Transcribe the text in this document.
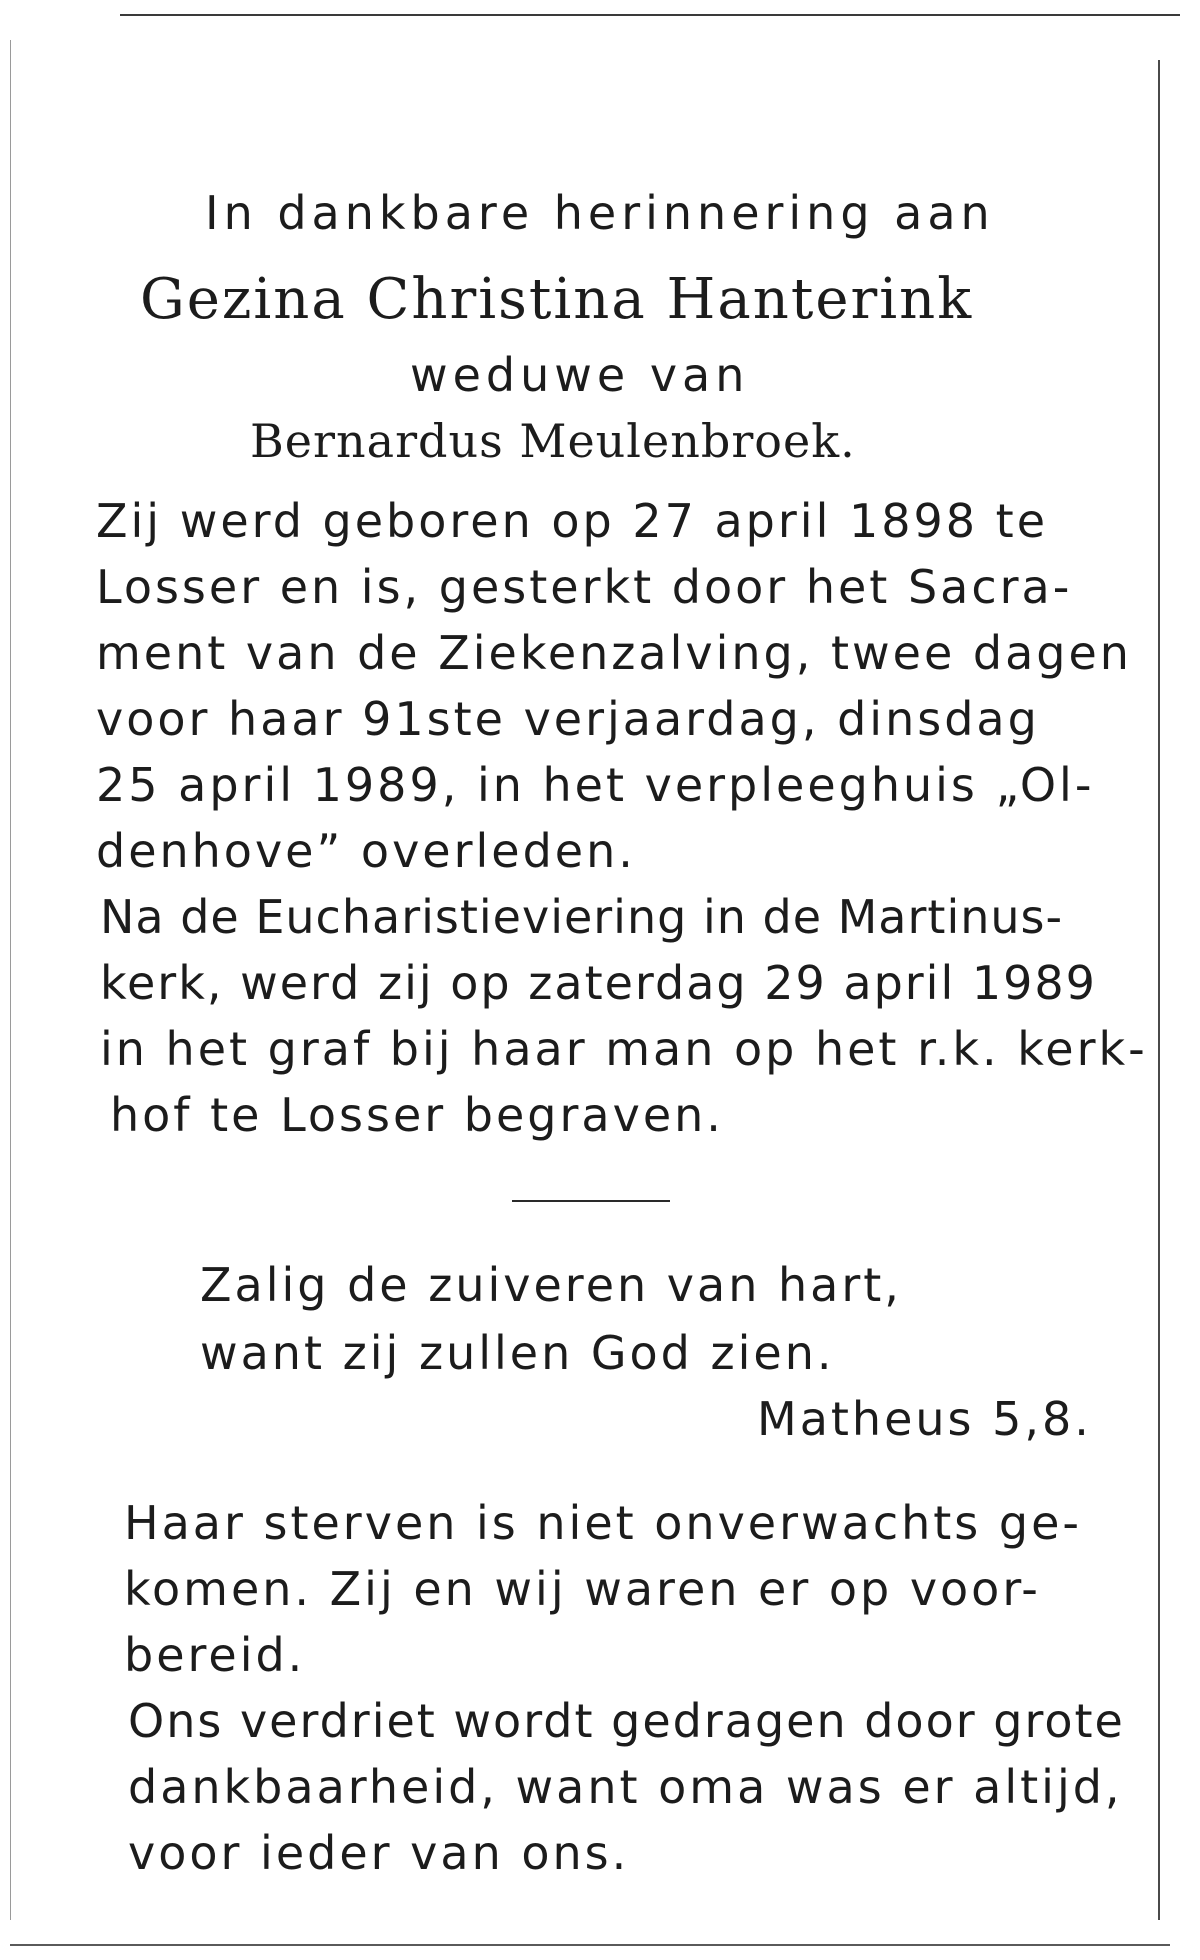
In dankbare herinnering aan
Gezina Christina Hanterink
weduwe van
Bernardus Meulenbroek.
Zij werd geboren op 27 april 1898 te
Losser en is, gesterkt door het Sacra-
ment van de Ziekenzalving, twee dagen
voor haar 91ste verjaardag, dinsdag
25 april 1989, in het verpleeghuis „Ol-
denhove” overleden.
Na de Eucharistieviering in de Martinus-
kerk, werd zij op zaterdag 29 april 1989
in het graf bij haar man op het r.k. kerk-
hof te Losser begraven.
Zalig de zuiveren van hart,
want zij zullen God zien.
Matheus 5,8.
Haar sterven is niet onverwachts ge-
komen. Zij en wij waren er op voor-
bereid.
Ons verdriet wordt gedragen door grote
dankbaarheid, want oma was er altijd,
voor ieder van ons.
